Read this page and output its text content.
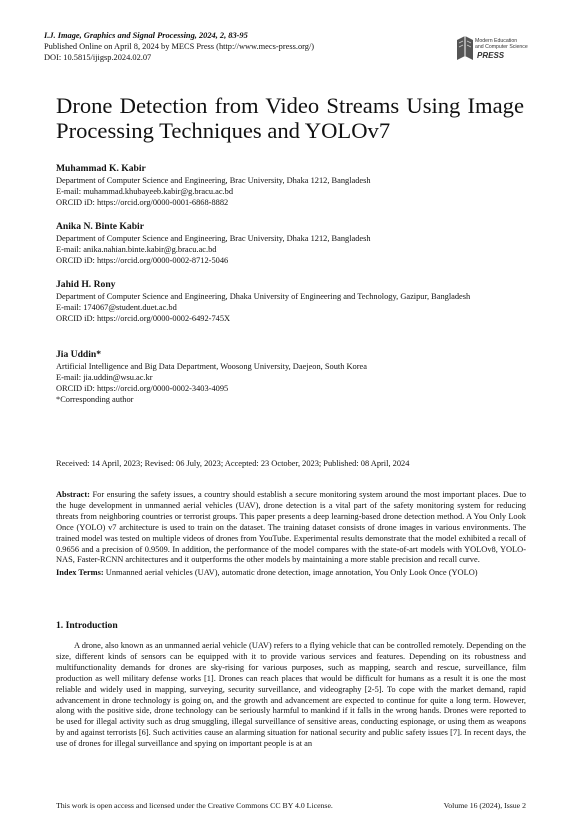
I.J. Image, Graphics and Signal Processing, 2024, 2, 83-95
Published Online on April 8, 2024 by MECS Press (http://www.mecs-press.org/)
DOI: 10.5815/ijigsp.2024.02.07
Modern Education
and Computer Science
PRESS
Drone Detection from Video Streams Using Image Processing Techniques and YOLOv7
Muhammad K. Kabir
Department of Computer Science and Engineering, Brac University, Dhaka 1212, Bangladesh
E-mail: muhammad.khubayeeb.kabir@g.bracu.ac.bd
ORCID iD: https://orcid.org/0000-0001-6868-8882
Anika N. Binte Kabir
Department of Computer Science and Engineering, Brac University, Dhaka 1212, Bangladesh
E-mail: anika.nahian.binte.kabir@g.bracu.ac.bd
ORCID iD: https://orcid.org/0000-0002-8712-5046
Jahid H. Rony
Department of Computer Science and Engineering, Dhaka University of Engineering and Technology, Gazipur, Bangladesh
E-mail: 174067@student.duet.ac.bd
ORCID iD: https://orcid.org/0000-0002-6492-745X
Jia Uddin*
Artificial Intelligence and Big Data Department, Woosong University, Daejeon, South Korea
E-mail: jia.uddin@wsu.ac.kr
ORCID iD: https://orcid.org/0000-0002-3403-4095
*Corresponding author
Received: 14 April, 2023; Revised: 06 July, 2023; Accepted: 23 October, 2023; Published: 08 April, 2024
Abstract: For ensuring the safety issues, a country should establish a secure monitoring system around the most important places. Due to the huge development in unmanned aerial vehicles (UAV), drone detection is a vital part of the safety monitoring system for reducing threats from neighboring countries or terrorist groups. This paper presents a deep learning-based drone detection method. A You Only Look Once (YOLO) v7 architecture is used to train on the dataset. The training dataset consists of drone images in various environments. The trained model was tested on multiple videos of drones from YouTube. Experimental results demonstrate that the model exhibited a recall of 0.9656 and a precision of 0.9509. In addition, the performance of the model compares with the state-of-art models with YOLOv8, YOLO-NAS, Faster-RCNN architectures and it outperforms the other models by maintaining a more stable precision and recall curve.
Index Terms: Unmanned aerial vehicles (UAV), automatic drone detection, image annotation, You Only Look Once (YOLO)
1. Introduction
A drone, also known as an unmanned aerial vehicle (UAV) refers to a flying vehicle that can be controlled remotely. Depending on the size, different kinds of sensors can be equipped with it to provide various services and features. Depending on its robustness and multifunctionality demands for drones are sky-rising for various purposes, such as mapping, search and rescue, surveillance, film production as well military defense works [1]. Drones can reach places that would be difficult for humans as a result it is one the most reliable and widely used in mapping, surveying, security surveillance, and videography [2-5]. To cope with the market demand, rapid advancement in drone technology is going on, and the growth and advancement are expected to continue for quite a long term. However, along with the positive side, drone technology can be seriously harmful to mankind if it falls in the wrong hands. Drones were reported to be used for illegal activity such as drug smuggling, illegal surveillance of sensitive areas, conducting espionage, or using them as weapons by and against terrorists [6]. Such activities cause an alarming situation for national security and public safety issues [7]. In recent days, the use of drones for illegal surveillance and spying on important people is at an
This work is open access and licensed under the Creative Commons CC BY 4.0 License.	Volume 16 (2024), Issue 2
